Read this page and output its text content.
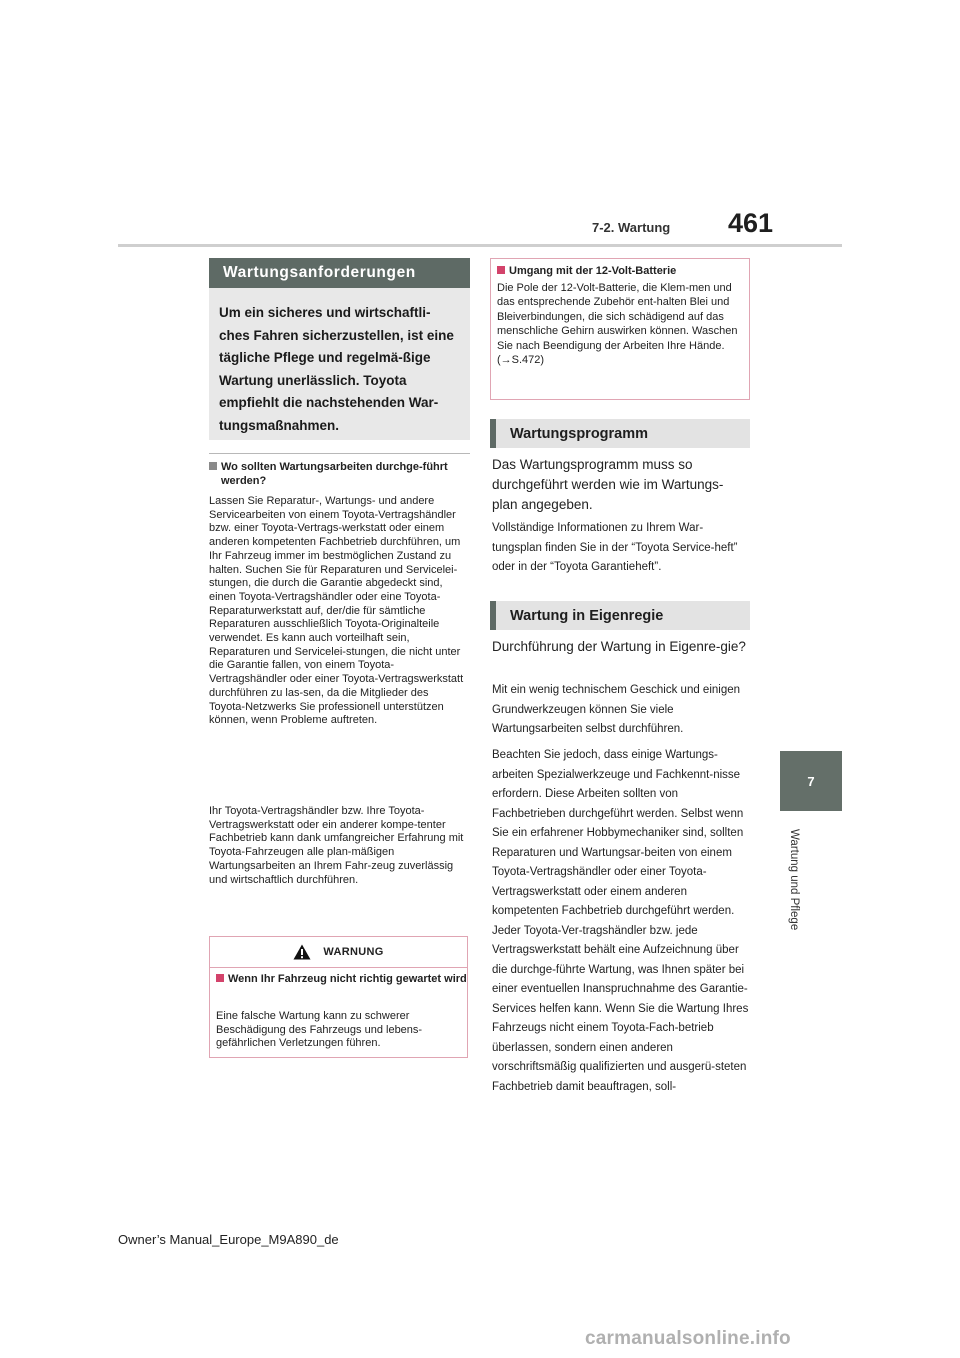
461
7-2. Wartung
7
Wartung und Pflege
Wartungsanforderungen
Um ein sicheres und wirtschaftli-ches Fahren sicherzustellen, ist eine tägliche Pflege und regelmä-ßige Wartung unerlässlich. Toyota empfiehlt die nachstehenden War-tungsmaßnahmen.
Wo sollten Wartungsarbeiten durchge-führt werden?
Lassen Sie Reparatur-, Wartungs- und andere Servicearbeiten von einem Toyota-Vertragshändler bzw. einer Toyota-Vertrags-werkstatt oder einem anderen kompetenten Fachbetrieb durchführen, um Ihr Fahrzeug immer im bestmöglichen Zustand zu halten. Suchen Sie für Reparaturen und Servicelei-stungen, die durch die Garantie abgedeckt sind, einen Toyota-Vertragshändler oder eine Toyota-Reparaturwerkstatt auf, der/die für sämtliche Reparaturen ausschließlich Toyota-Originalteile verwendet. Es kann auch vorteilhaft sein, Reparaturen und Servicelei-stungen, die nicht unter die Garantie fallen, von einem Toyota-Vertragshändler oder einer Toyota-Vertragswerkstatt durchführen zu las-sen, da die Mitglieder des Toyota-Netzwerks Sie professionell unterstützen können, wenn Probleme auftreten.
Ihr Toyota-Vertragshändler bzw. Ihre Toyota-Vertragswerkstatt oder ein anderer kompe-tenter Fachbetrieb kann dank umfangreicher Erfahrung mit Toyota-Fahrzeugen alle plan-mäßigen Wartungsarbeiten an Ihrem Fahr-zeug zuverlässig und wirtschaftlich durchführen.
WARNUNG
Wenn Ihr Fahrzeug nicht richtig gewartet wird
Eine falsche Wartung kann zu schwerer Beschädigung des Fahrzeugs und lebens-gefährlichen Verletzungen führen.
Umgang mit der 12-Volt-Batterie
Die Pole der 12-Volt-Batterie, die Klem-men und das entsprechende Zubehör ent-halten Blei und Bleiverbindungen, die sich schädigend auf das menschliche Gehirn auswirken können. Waschen Sie nach Beendigung der Arbeiten Ihre Hände. (→S.472)
Wartungsprogramm
Das Wartungsprogramm muss so durchgeführt werden wie im Wartungs-plan angegeben.
Vollständige Informationen zu Ihrem War-tungsplan finden Sie in der “Toyota Service-heft” oder in der “Toyota Garantieheft”.
Wartung in Eigenregie
Durchführung der Wartung in Eigenre-gie?
Mit ein wenig technischem Geschick und einigen Grundwerkzeugen können Sie viele Wartungsarbeiten selbst durchführen.
Beachten Sie jedoch, dass einige Wartungs-arbeiten Spezialwerkzeuge und Fachkennt-nisse erfordern. Diese Arbeiten sollten von Fachbetrieben durchgeführt werden. Selbst wenn Sie ein erfahrener Hobbymechaniker sind, sollten Reparaturen und Wartungsar-beiten von einem Toyota-Vertragshändler oder einer Toyota-Vertragswerkstatt oder einem anderen kompetenten Fachbetrieb durchgeführt werden. Jeder Toyota-Ver-tragshändler bzw. jede Vertragswerkstatt behält eine Aufzeichnung über die durchge-führte Wartung, was Ihnen später bei einer eventuellen Inanspruchnahme des Garantie-Services helfen kann. Wenn Sie die Wartung Ihres Fahrzeugs nicht einem Toyota-Fach-betrieb überlassen, sondern einen anderen vorschriftsmäßig qualifizierten und ausgerü-steten Fachbetrieb damit beauftragen, soll-
Owner’s Manual_Europe_M9A890_de
carmanualsonline.info
